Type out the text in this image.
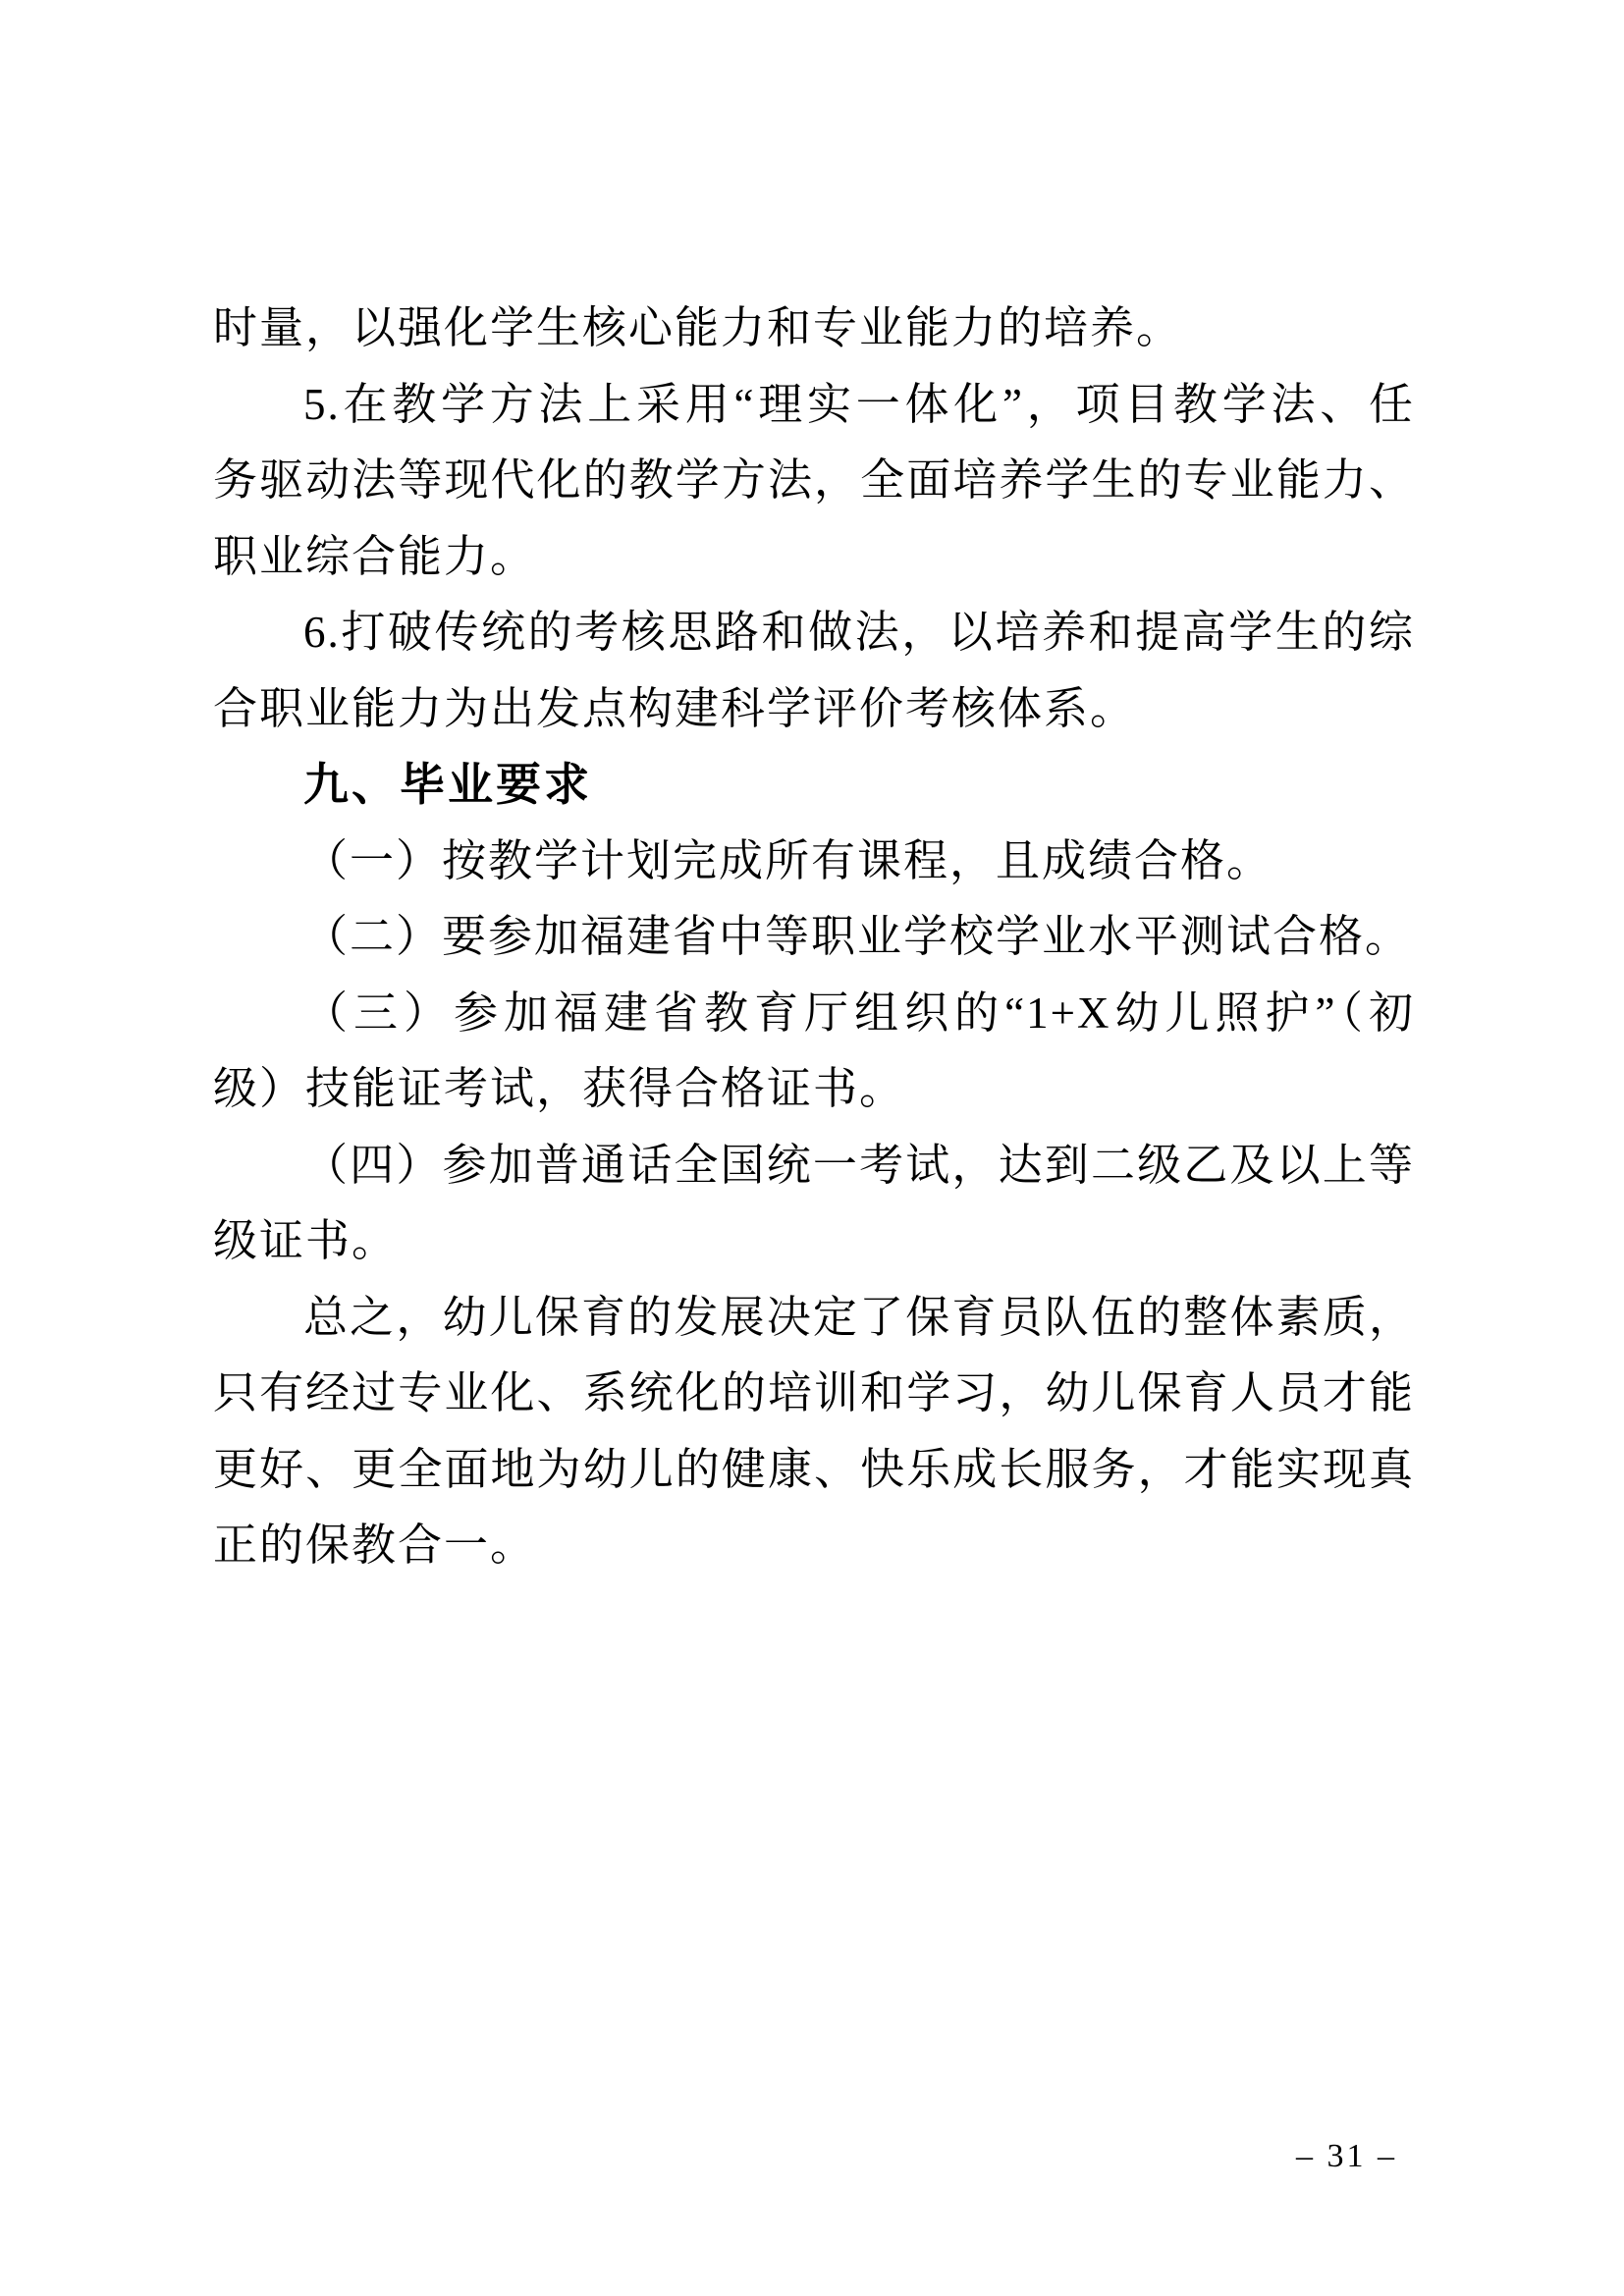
时量，以强化学生核心能力和专业能力的培养。

5.在教学方法上采用“理实一体化”，项目教学法、任

务驱动法等现代化的教学方法，全面培养学生的专业能力、

职业综合能力。

6.打破传统的考核思路和做法，以培养和提高学生的综

合职业能力为出发点构建科学评价考核体系。

九、毕业要求

（一）按教学计划完成所有课程，且成绩合格。

（二）要参加福建省中等职业学校学业水平测试合格。

（三）参加福建省教育厅组织的“1+X幼儿照护”（初

级）技能证考试，获得合格证书。

（四）参加普通话全国统一考试，达到二级乙及以上等

级证书。

总之，幼儿保育的发展决定了保育员队伍的整体素质，

只有经过专业化、系统化的培训和学习，幼儿保育人员才能

更好、更全面地为幼儿的健康、快乐成长服务，才能实现真

正的保教合一。

– 31 –
